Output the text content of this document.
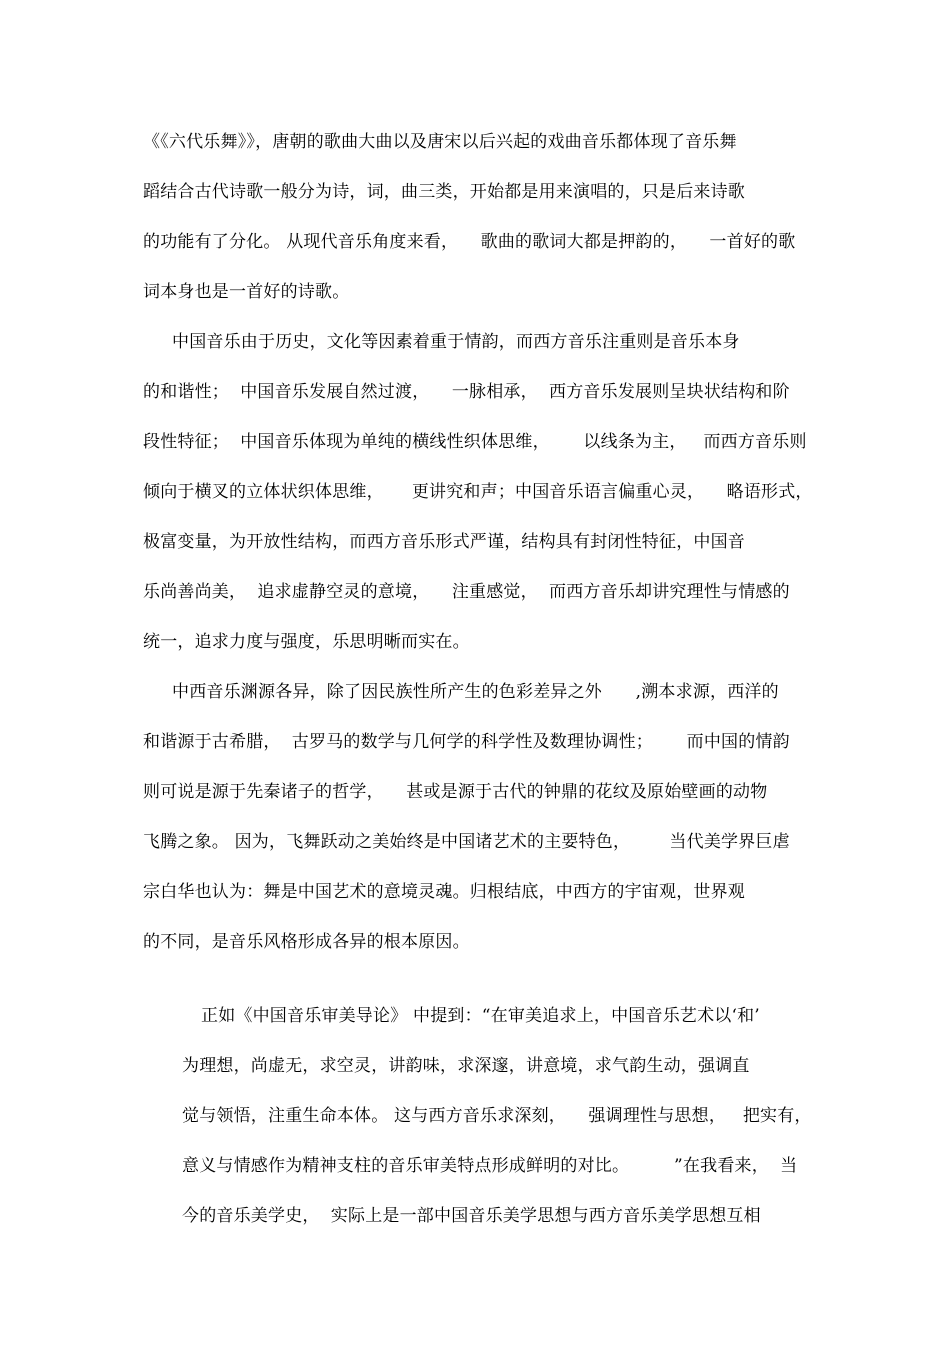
《《六代乐舞》》，唐朝的歌曲大曲以及唐宋以后兴起的戏曲音乐都体现了音乐舞
蹈结合古代诗歌一般分为诗，词，曲三类，开始都是用来演唱的，只是后来诗歌
的功能有了分化。 从现代音乐角度来看，    歌曲的歌词大都是押韵的，    一首好的歌
词本身也是一首好的诗歌。
中国音乐由于历史，文化等因素着重于情韵，而西方音乐注重则是音乐本身
的和谐性；  中国音乐发展自然过渡，    一脉相承，  西方音乐发展则呈块状结构和阶
段性特征；  中国音乐体现为单纯的横线性织体思维，      以线条为主，   而西方音乐则
倾向于横叉的立体状织体思维，     更讲究和声；中国音乐语言偏重心灵，    略语形式，
极富变量，为开放性结构，而西方音乐形式严谨，结构具有封闭性特征，中国音
乐尚善尚美，  追求虚静空灵的意境，    注重感觉，  而西方音乐却讲究理性与情感的
统一，追求力度与强度，乐思明晰而实在。
中西音乐渊源各异，除了因民族性所产生的色彩差异之外      ,溯本求源，西洋的
和谐源于古希腊，  古罗马的数学与几何学的科学性及数理协调性；      而中国的情韵
则可说是源于先秦诸子的哲学，    甚或是源于古代的钟鼎的花纹及原始壁画的动物
飞腾之象。 因为，飞舞跃动之美始终是中国诸艺术的主要特色，       当代美学界巨虐
宗白华也认为：舞是中国艺术的意境灵魂。归根结底，中西方的宇宙观，世界观
的不同，是音乐风格形成各异的根本原因。
正如《中国音乐审美导论》 中提到：“在审美追求上，中国音乐艺术以‘和’
为理想，尚虚无，求空灵，讲韵味，求深邃，讲意境，求气韵生动，强调直
觉与领悟，注重生命本体。 这与西方音乐求深刻，    强调理性与思想，   把实有，
意义与情感作为精神支柱的音乐审美特点形成鲜明的对比。        ”在我看来，  当
今的音乐美学史，  实际上是一部中国音乐美学思想与西方音乐美学思想互相
